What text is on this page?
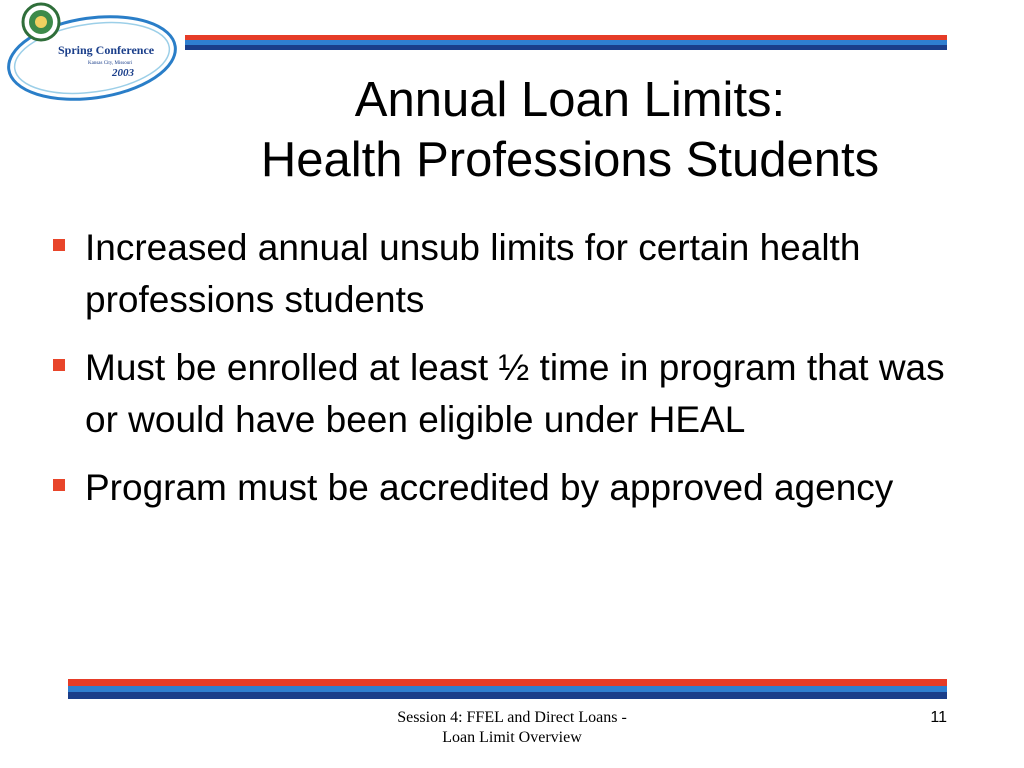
Spring Conference
Kansas City, Missouri
2003	Annual Loan Limits:
Health Professions Students
Increased annual unsub limits for certain health professions students
Must be enrolled at least ½ time in program that was or would have been eligible under HEAL
Program must be accredited by approved agency
Session 4: FFEL and Direct Loans -
Loan Limit Overview
11
